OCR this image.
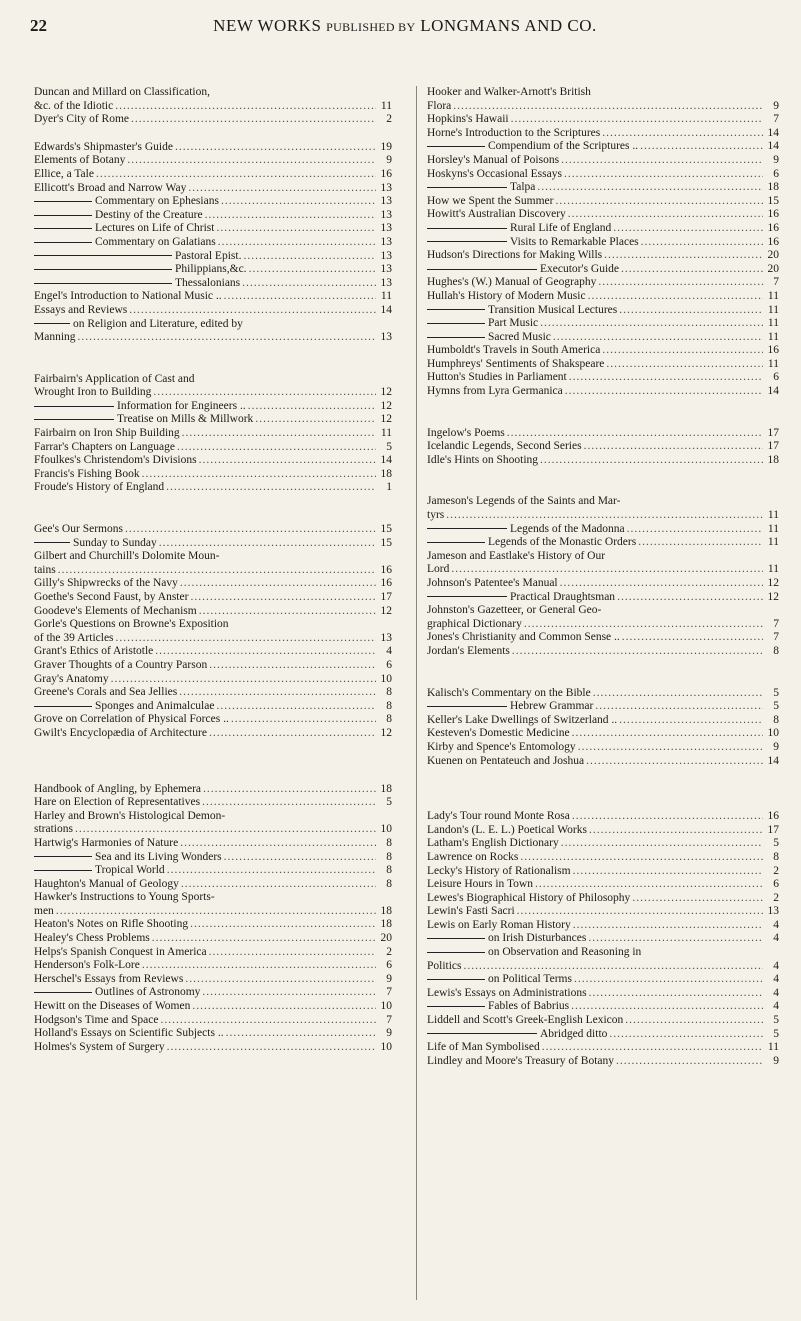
22	NEW WORKS PUBLISHED BY LONGMANS AND CO.
Duncan and Millard on Classification,
&c. of the Idiotic .....	11
Dyer's City of Rome .....	2
Edwards's Shipmaster's Guide .....	19
Elements of Botany .....	9
Ellice, a Tale .....	16
Ellicott's Broad and Narrow Way .....	13
Commentary on Ephesians .....	13
Destiny of the Creature .....	13
Lectures on Life of Christ .....	13
Commentary on Galatians .....	13
Pastoral Epist. .....	13
Philippians,&c. .....	13
Thessalonians .....	13
Engel's Introduction to National Music .. .....	11
Essays and Reviews .....	14
on Religion and Literature, edited by
Manning .....	13
Fairbairn's Application of Cast and
Wrought Iron to Building .....	12
Information for Engineers .. .....	12
Treatise on Mills & Millwork .....	12
Fairbairn on Iron Ship Building .....	11
Farrar's Chapters on Language .....	5
Ffoulkes's Christendom's Divisions .....	14
Francis's Fishing Book .....	18
Froude's History of England .....	1
Gee's Our Sermons .....	15
Sunday to Sunday .....	15
Gilbert and Churchill's Dolomite Moun-
tains .....	16
Gilly's Shipwrecks of the Navy .....	16
Goethe's Second Faust, by Anster .....	17
Goodeve's Elements of Mechanism .....	12
Gorle's Questions on Browne's Exposition
of the 39 Articles .....	13
Grant's Ethics of Aristotle .....	4
Graver Thoughts of a Country Parson .....	6
Gray's Anatomy .....	10
Greene's Corals and Sea Jellies .....	8
Sponges and Animalculae .....	8
Grove on Correlation of Physical Forces .. .....	8
Gwilt's Encyclopædia of Architecture .....	12
Handbook of Angling, by Ephemera .....	18
Hare on Election of Representatives .....	5
Harley and Brown's Histological Demon-
strations .....	10
Hartwig's Harmonies of Nature .....	8
Sea and its Living Wonders .....	8
Tropical World .....	8
Haughton's Manual of Geology .....	8
Hawker's Instructions to Young Sports-
men .....	18
Heaton's Notes on Rifle Shooting .....	18
Healey's Chess Problems .....	20
Helps's Spanish Conquest in America .....	2
Henderson's Folk-Lore .....	6
Herschel's Essays from Reviews .....	9
Outlines of Astronomy .....	7
Hewitt on the Diseases of Women .....	10
Hodgson's Time and Space .....	7
Holland's Essays on Scientific Subjects .. .....	9
Holmes's System of Surgery .....	10
Hooker and Walker-Arnott's British
Flora .....	9
Hopkins's Hawaii .....	7
Horne's Introduction to the Scriptures .....	14
Compendium of the Scriptures .. .....	14
Horsley's Manual of Poisons .....	9
Hoskyns's Occasional Essays .....	6
Talpa .....	18
How we Spent the Summer .....	15
Howitt's Australian Discovery .....	16
Rural Life of England .....	16
Visits to Remarkable Places .....	16
Hudson's Directions for Making Wills .....	20
Executor's Guide .....	20
Hughes's (W.) Manual of Geography .....	7
Hullah's History of Modern Music .....	11
Transition Musical Lectures .....	11
Part Music .....	11
Sacred Music .....	11
Humboldt's Travels in South America .....	16
Humphreys' Sentiments of Shakspeare .....	11
Hutton's Studies in Parliament .....	6
Hymns from Lyra Germanica .....	14
Ingelow's Poems .....	17
Icelandic Legends, Second Series .....	17
Idle's Hints on Shooting .....	18
Jameson's Legends of the Saints and Mar-
tyrs .....	11
Legends of the Madonna .....	11
Legends of the Monastic Orders .....	11
Jameson and Eastlake's History of Our
Lord .....	11
Johnson's Patentee's Manual .....	12
Practical Draughtsman .....	12
Johnston's Gazetteer, or General Geo-
graphical Dictionary .....	7
Jones's Christianity and Common Sense .. .....	7
Jordan's Elements .....	8
Kalisch's Commentary on the Bible .....	5
Hebrew Grammar .....	5
Keller's Lake Dwellings of Switzerland .. .....	8
Kesteven's Domestic Medicine .....	10
Kirby and Spence's Entomology .....	9
Kuenen on Pentateuch and Joshua .....	14
Lady's Tour round Monte Rosa .....	16
Landon's (L. E. L.) Poetical Works .....	17
Latham's English Dictionary .....	5
Lawrence on Rocks .....	8
Lecky's History of Rationalism .....	2
Leisure Hours in Town .....	6
Lewes's Biographical History of Philosophy .....	2
Lewin's Fasti Sacri .....	13
Lewis on Early Roman History .....	4
on Irish Disturbances .....	4
on Observation and Reasoning in
Politics .....	4
on Political Terms .....	4
Lewis's Essays on Administrations .....	4
Fables of Babrius .....	4
Liddell and Scott's Greek-English Lexicon .....	5
Abridged ditto .....	5
Life of Man Symbolised .....	11
Lindley and Moore's Treasury of Botany .....	9
